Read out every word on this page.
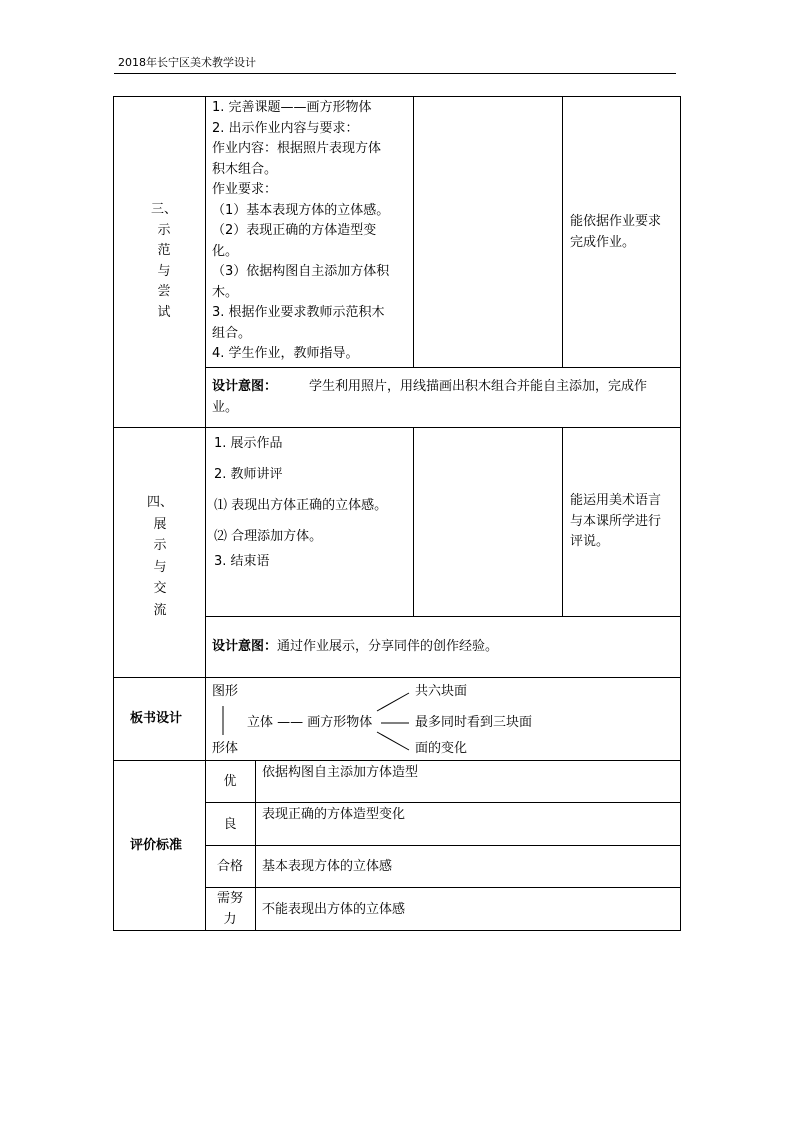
2018年长宁区美术教学设计
三、
示
范
与
尝
试
1. 完善课题——画方形物体
2. 出示作业内容与要求：
作业内容：根据照片表现方体
积木组合。
作业要求：
（1）基本表现方体的立体感。
（2）表现正确的方体造型变
化。
（3）依据构图自主添加方体积
木。
3. 根据作业要求教师示范积木
组合。
4. 学生作业，教师指导。
能依据作业要求
完成作业。
设计意图： 学生利用照片，用线描画出积木组合并能自主添加，完成作
业。
四、
展
示
与
交
流
1. 展示作品
2. 教师讲评
⑴ 表现出方体正确的立体感。
⑵ 合理添加方体。
3. 结束语
能运用美术语言
与本课所学进行
评说。
设计意图：通过作业展示，分享同伴的创作经验。
板书设计
图形
形体
立体 —— 画方形物体
共六块面
最多同时看到三块面
面的变化
评价标准
优
依据构图自主添加方体造型
良
表现正确的方体造型变化
合格	基本表现方体的立体感
需努
力
不能表现出方体的立体感
